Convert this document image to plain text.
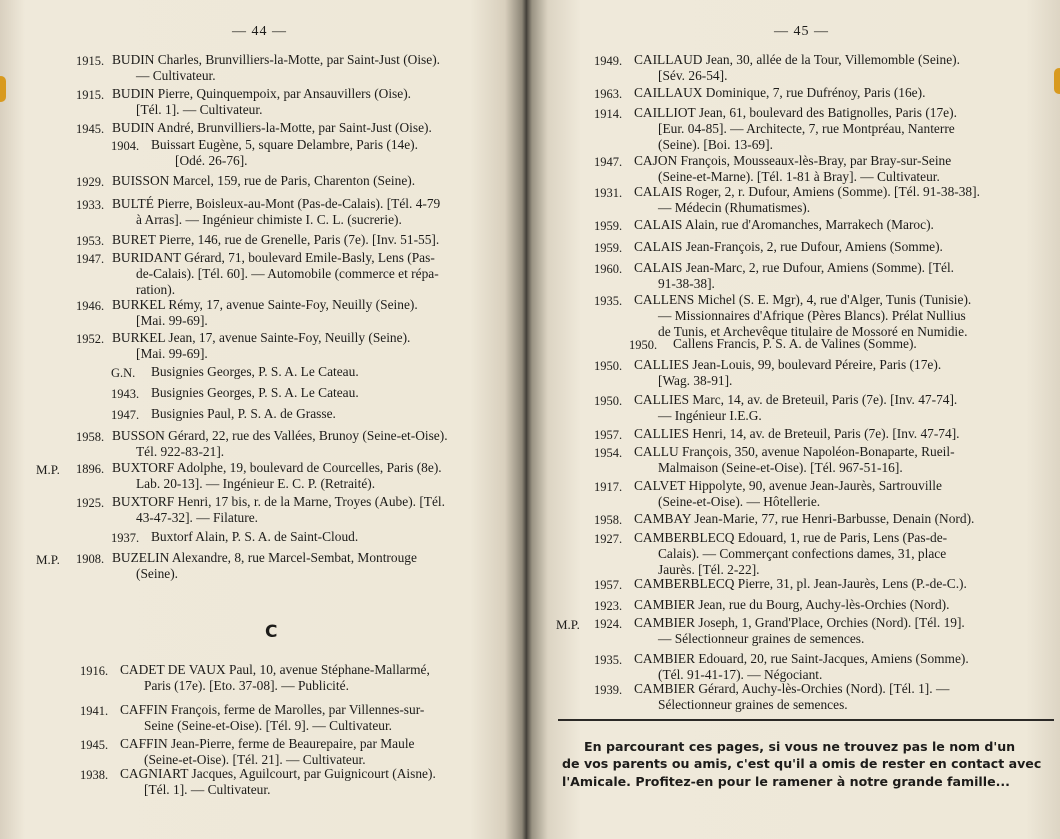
— 44 —
1915. BUDIN Charles, Brunvilliers-la-Motte, par Saint-Just (Oise).
— Cultivateur.
1915. BUDIN Pierre, Quinquempoix, par Ansauvillers (Oise).
[Tél. 1]. — Cultivateur.
1945. BUDIN André, Brunvilliers-la-Motte, par Saint-Just (Oise).
1904. Buissart Eugène, 5, square Delambre, Paris (14e).
[Odé. 26-76].
1929. BUISSON Marcel, 159, rue de Paris, Charenton (Seine).
1933. BULTÉ Pierre, Boisleux-au-Mont (Pas-de-Calais). [Tél. 4-79
à Arras]. — Ingénieur chimiste I. C. L. (sucrerie).
1953. BURET Pierre, 146, rue de Grenelle, Paris (7e). [Inv. 51-55].
1947. BURIDANT Gérard, 71, boulevard Emile-Basly, Lens (Pas-
de-Calais). [Tél. 60]. — Automobile (commerce et répa-
ration).
1946. BURKEL Rémy, 17, avenue Sainte-Foy, Neuilly (Seine).
[Mai. 99-69].
1952. BURKEL Jean, 17, avenue Sainte-Foy, Neuilly (Seine).
[Mai. 99-69].
G.N. Busignies Georges, P. S. A. Le Cateau.
1943. Busignies Georges, P. S. A. Le Cateau.
1947. Busignies Paul, P. S. A. de Grasse.
1958. BUSSON Gérard, 22, rue des Vallées, Brunoy (Seine-et-Oise).
Tél. 922-83-21].
M.P. 1896. BUXTORF Adolphe, 19, boulevard de Courcelles, Paris (8e).
Lab. 20-13]. — Ingénieur E. C. P. (Retraité).
1925. BUXTORF Henri, 17 bis, r. de la Marne, Troyes (Aube). [Tél.
43-47-32]. — Filature.
1937. Buxtorf Alain, P. S. A. de Saint-Cloud.
M.P. 1908. BUZELIN Alexandre, 8, rue Marcel-Sembat, Montrouge
(Seine).
C
1916. CADET DE VAUX Paul, 10, avenue Stéphane-Mallarmé,
Paris (17e). [Eto. 37-08]. — Publicité.
1941. CAFFIN François, ferme de Marolles, par Villennes-sur-
Seine (Seine-et-Oise). [Tél. 9]. — Cultivateur.
1945. CAFFIN Jean-Pierre, ferme de Beaurepaire, par Maule
(Seine-et-Oise). [Tél. 21]. — Cultivateur.
1938. CAGNIART Jacques, Aguilcourt, par Guignicourt (Aisne).
[Tél. 1]. — Cultivateur.
— 45 —
1949. CAILLAUD Jean, 30, allée de la Tour, Villemomble (Seine).
[Sév. 26-54].
1963. CAILLAUX Dominique, 7, rue Dufrénoy, Paris (16e).
1914. CAILLIOT Jean, 61, boulevard des Batignolles, Paris (17e).
[Eur. 04-85]. — Architecte, 7, rue Montpréau, Nanterre
(Seine). [Boi. 13-69].
1947. CAJON François, Mousseaux-lès-Bray, par Bray-sur-Seine
(Seine-et-Marne). [Tél. 1-81 à Bray]. — Cultivateur.
1931. CALAIS Roger, 2, r. Dufour, Amiens (Somme). [Tél. 91-38-38].
— Médecin (Rhumatismes).
1959. CALAIS Alain, rue d'Aromanches, Marrakech (Maroc).
1959. CALAIS Jean-François, 2, rue Dufour, Amiens (Somme).
1960. CALAIS Jean-Marc, 2, rue Dufour, Amiens (Somme). [Tél.
91-38-38].
1935. CALLENS Michel (S. E. Mgr), 4, rue d'Alger, Tunis (Tunisie).
— Missionnaires d'Afrique (Pères Blancs). Prélat Nullius
de Tunis, et Archevêque titulaire de Mossoré en Numidie.
1950. Callens Francis, P. S. A. de Valines (Somme).
1950. CALLIES Jean-Louis, 99, boulevard Péreire, Paris (17e).
[Wag. 38-91].
1950. CALLIES Marc, 14, av. de Breteuil, Paris (7e). [Inv. 47-74].
— Ingénieur I.E.G.
1957. CALLIES Henri, 14, av. de Breteuil, Paris (7e). [Inv. 47-74].
1954. CALLU François, 350, avenue Napoléon-Bonaparte, Rueil-
Malmaison (Seine-et-Oise). [Tél. 967-51-16].
1917. CALVET Hippolyte, 90, avenue Jean-Jaurès, Sartrouville
(Seine-et-Oise). — Hôtellerie.
1958. CAMBAY Jean-Marie, 77, rue Henri-Barbusse, Denain (Nord).
1927. CAMBERBLECQ Edouard, 1, rue de Paris, Lens (Pas-de-
Calais). — Commerçant confections dames, 31, place
Jaurès. [Tél. 2-22].
1957. CAMBERBLECQ Pierre, 31, pl. Jean-Jaurès, Lens (P.-de-C.).
1923. CAMBIER Jean, rue du Bourg, Auchy-lès-Orchies (Nord).
M.P. 1924. CAMBIER Joseph, 1, Grand'Place, Orchies (Nord). [Tél. 19].
— Sélectionneur graines de semences.
1935. CAMBIER Edouard, 20, rue Saint-Jacques, Amiens (Somme).
(Tél. 91-41-17). — Négociant.
1939. CAMBIER Gérard, Auchy-lès-Orchies (Nord). [Tél. 1]. —
Sélectionneur graines de semences.
En parcourant ces pages, si vous ne trouvez pas le nom d'un
de vos parents ou amis, c'est qu'il a omis de rester en contact avec
l'Amicale. Profitez-en pour le ramener à notre grande famille...
